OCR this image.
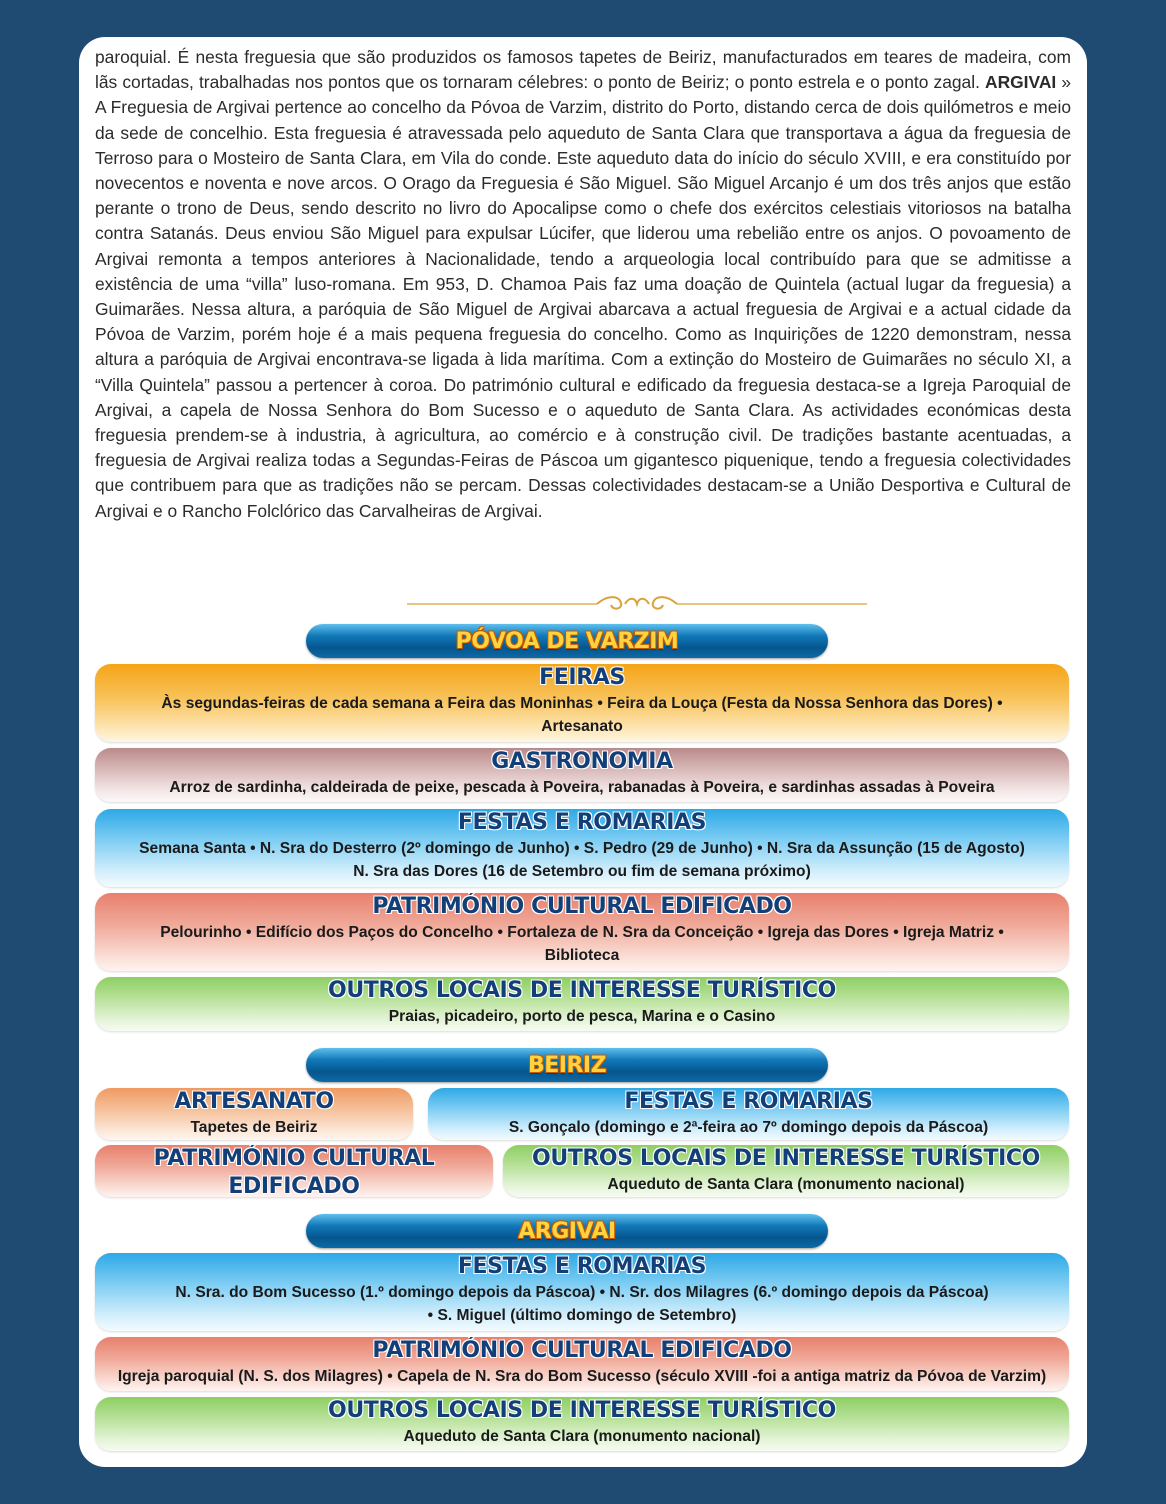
paroquial. É nesta freguesia que são produzidos os famosos tapetes de Beiriz, manufacturados em teares de madeira, com lãs cortadas, trabalhadas nos pontos que os tornaram célebres: o ponto de Beiriz; o ponto estrela e o ponto zagal. ARGIVAI » A Freguesia de Argivai pertence ao concelho da Póvoa de Varzim, distrito do Porto, distando cerca de dois quilómetros e meio da sede de concelhio. Esta freguesia é atravessada pelo aqueduto de Santa Clara que transportava a água da freguesia de Terroso para o Mosteiro de Santa Clara, em Vila do conde. Este aqueduto data do início do século XVIII, e era constituído por novecentos e noventa e nove arcos. O Orago da Freguesia é São Miguel. São Miguel Arcanjo é um dos três anjos que estão perante o trono de Deus, sendo descrito no livro do Apocalipse como o chefe dos exércitos celestiais vitoriosos na batalha contra Satanás. Deus enviou São Miguel para expulsar Lúcifer, que liderou uma rebelião entre os anjos. O povoamento de Argivai remonta a tempos anteriores à Nacionalidade, tendo a arqueologia local contribuído para que se admitisse a existência de uma “villa” luso-romana. Em 953, D. Chamoa Pais faz uma doação de Quintela (actual lugar da freguesia) a Guimarães. Nessa altura, a paróquia de São Miguel de Argivai abarcava a actual freguesia de Argivai e a actual cidade da Póvoa de Varzim, porém hoje é a mais pequena freguesia do concelho. Como as Inquirições de 1220 demonstram, nessa altura a paróquia de Argivai encontrava-se ligada à lida marítima. Com a extinção do Mosteiro de Guimarães no século XI, a “Villa Quintela” passou a pertencer à coroa. Do património cultural e edificado da freguesia destaca-se a Igreja Paroquial de Argivai, a capela de Nossa Senhora do Bom Sucesso e o aqueduto de Santa Clara. As actividades económicas desta freguesia prendem-se à industria, à agricultura, ao comércio e à construção civil. De tradições bastante acentuadas, a freguesia de Argivai realiza todas a Segundas-Feiras de Páscoa um gigantesco piquenique, tendo a freguesia colectividades que contribuem para que as tradições não se percam. Dessas colectividades destacam-se a União Desportiva e Cultural de Argivai e o Rancho Folclórico das Carvalheiras de Argivai.

PÓVOA DE VARZIM
FEIRAS

Às segundas-feiras de cada semana a Feira das Moninhas • Feira da Louça (Festa da Nossa Senhora das Dores) • Artesanato

GASTRONOMIA

Arroz de sardinha, caldeirada de peixe, pescada à Poveira, rabanadas à Poveira, e sardinhas assadas à Poveira

FESTAS E ROMARIAS

Semana Santa • N. Sra do Desterro (2º domingo de Junho) • S. Pedro (29 de Junho) • N. Sra da Assunção (15 de Agosto)

N. Sra das Dores (16 de Setembro ou fim de semana próximo)

PATRIMÓNIO CULTURAL EDIFICADO

Pelourinho • Edifício dos Paços do Concelho • Fortaleza de N. Sra da Conceição • Igreja das Dores • Igreja Matriz • Biblioteca

OUTROS LOCAIS DE INTERESSE TURÍSTICO

Praias, picadeiro, porto de pesca, Marina e o Casino

BEIRIZ
ARTESANATO

Tapetes de Beiriz

FESTAS E ROMARIAS

S. Gonçalo (domingo e 2ª-feira ao 7º domingo depois da Páscoa)

PATRIMÓNIO CULTURAL EDIFICADO

OUTROS LOCAIS DE INTERESSE TURÍSTICO

Aqueduto de Santa Clara (monumento nacional)

ARGIVAI
FESTAS E ROMARIAS

N. Sra. do Bom Sucesso (1.º domingo depois da Páscoa) • N. Sr. dos Milagres (6.º domingo depois da Páscoa)

• S. Miguel (último domingo de Setembro)

PATRIMÓNIO CULTURAL EDIFICADO

Igreja paroquial (N. S. dos Milagres) • Capela de N. Sra do Bom Sucesso (século XVIII -foi a antiga matriz da Póvoa de Varzim)

OUTROS LOCAIS DE INTERESSE TURÍSTICO

Aqueduto de Santa Clara (monumento nacional)
